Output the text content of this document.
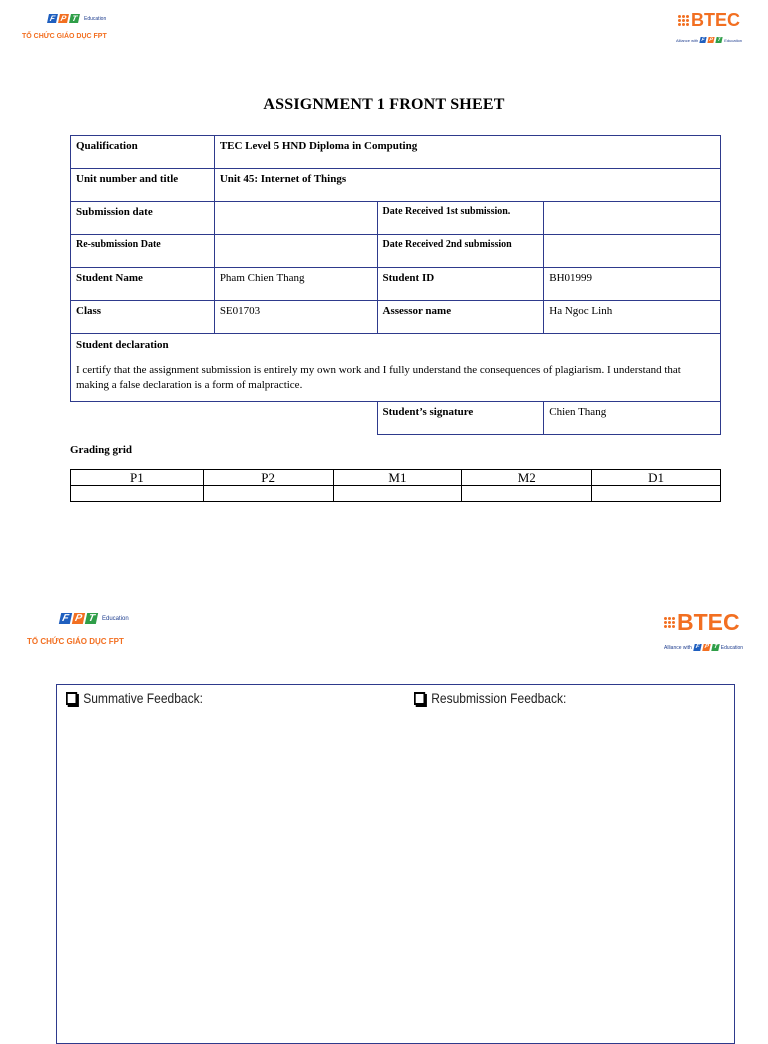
F P T	Education
TỔ CHỨC GIÁO DỤC FPT
BTEC
Alliance with F P T Education
ASSIGNMENT 1 FRONT SHEET
Qualification	TEC Level 5 HND Diploma in Computing		
Unit number and title	Unit 45: Internet of Things		
Submission date		Date Received 1st submission.	
Re-submission Date		Date Received 2nd submission	
Student Name	Pham Chien Thang	Student ID	BH01999
Class	SE01703	Assessor name	Ha Ngoc Linh

Student declaration
I certify that the assignment submission is entirely my own work and I fully understand the consequences of plagiarism. I understand that making a false declaration is a form of malpractice.			

		Student’s signature	Chien Thang
Grading grid
P1	P2	M1	M2	D1

F P T	Education
TỔ CHỨC GIÁO DỤC FPT
BTEC
Alliance with F P T Education
Summative Feedback:	Resubmission Feedback:
